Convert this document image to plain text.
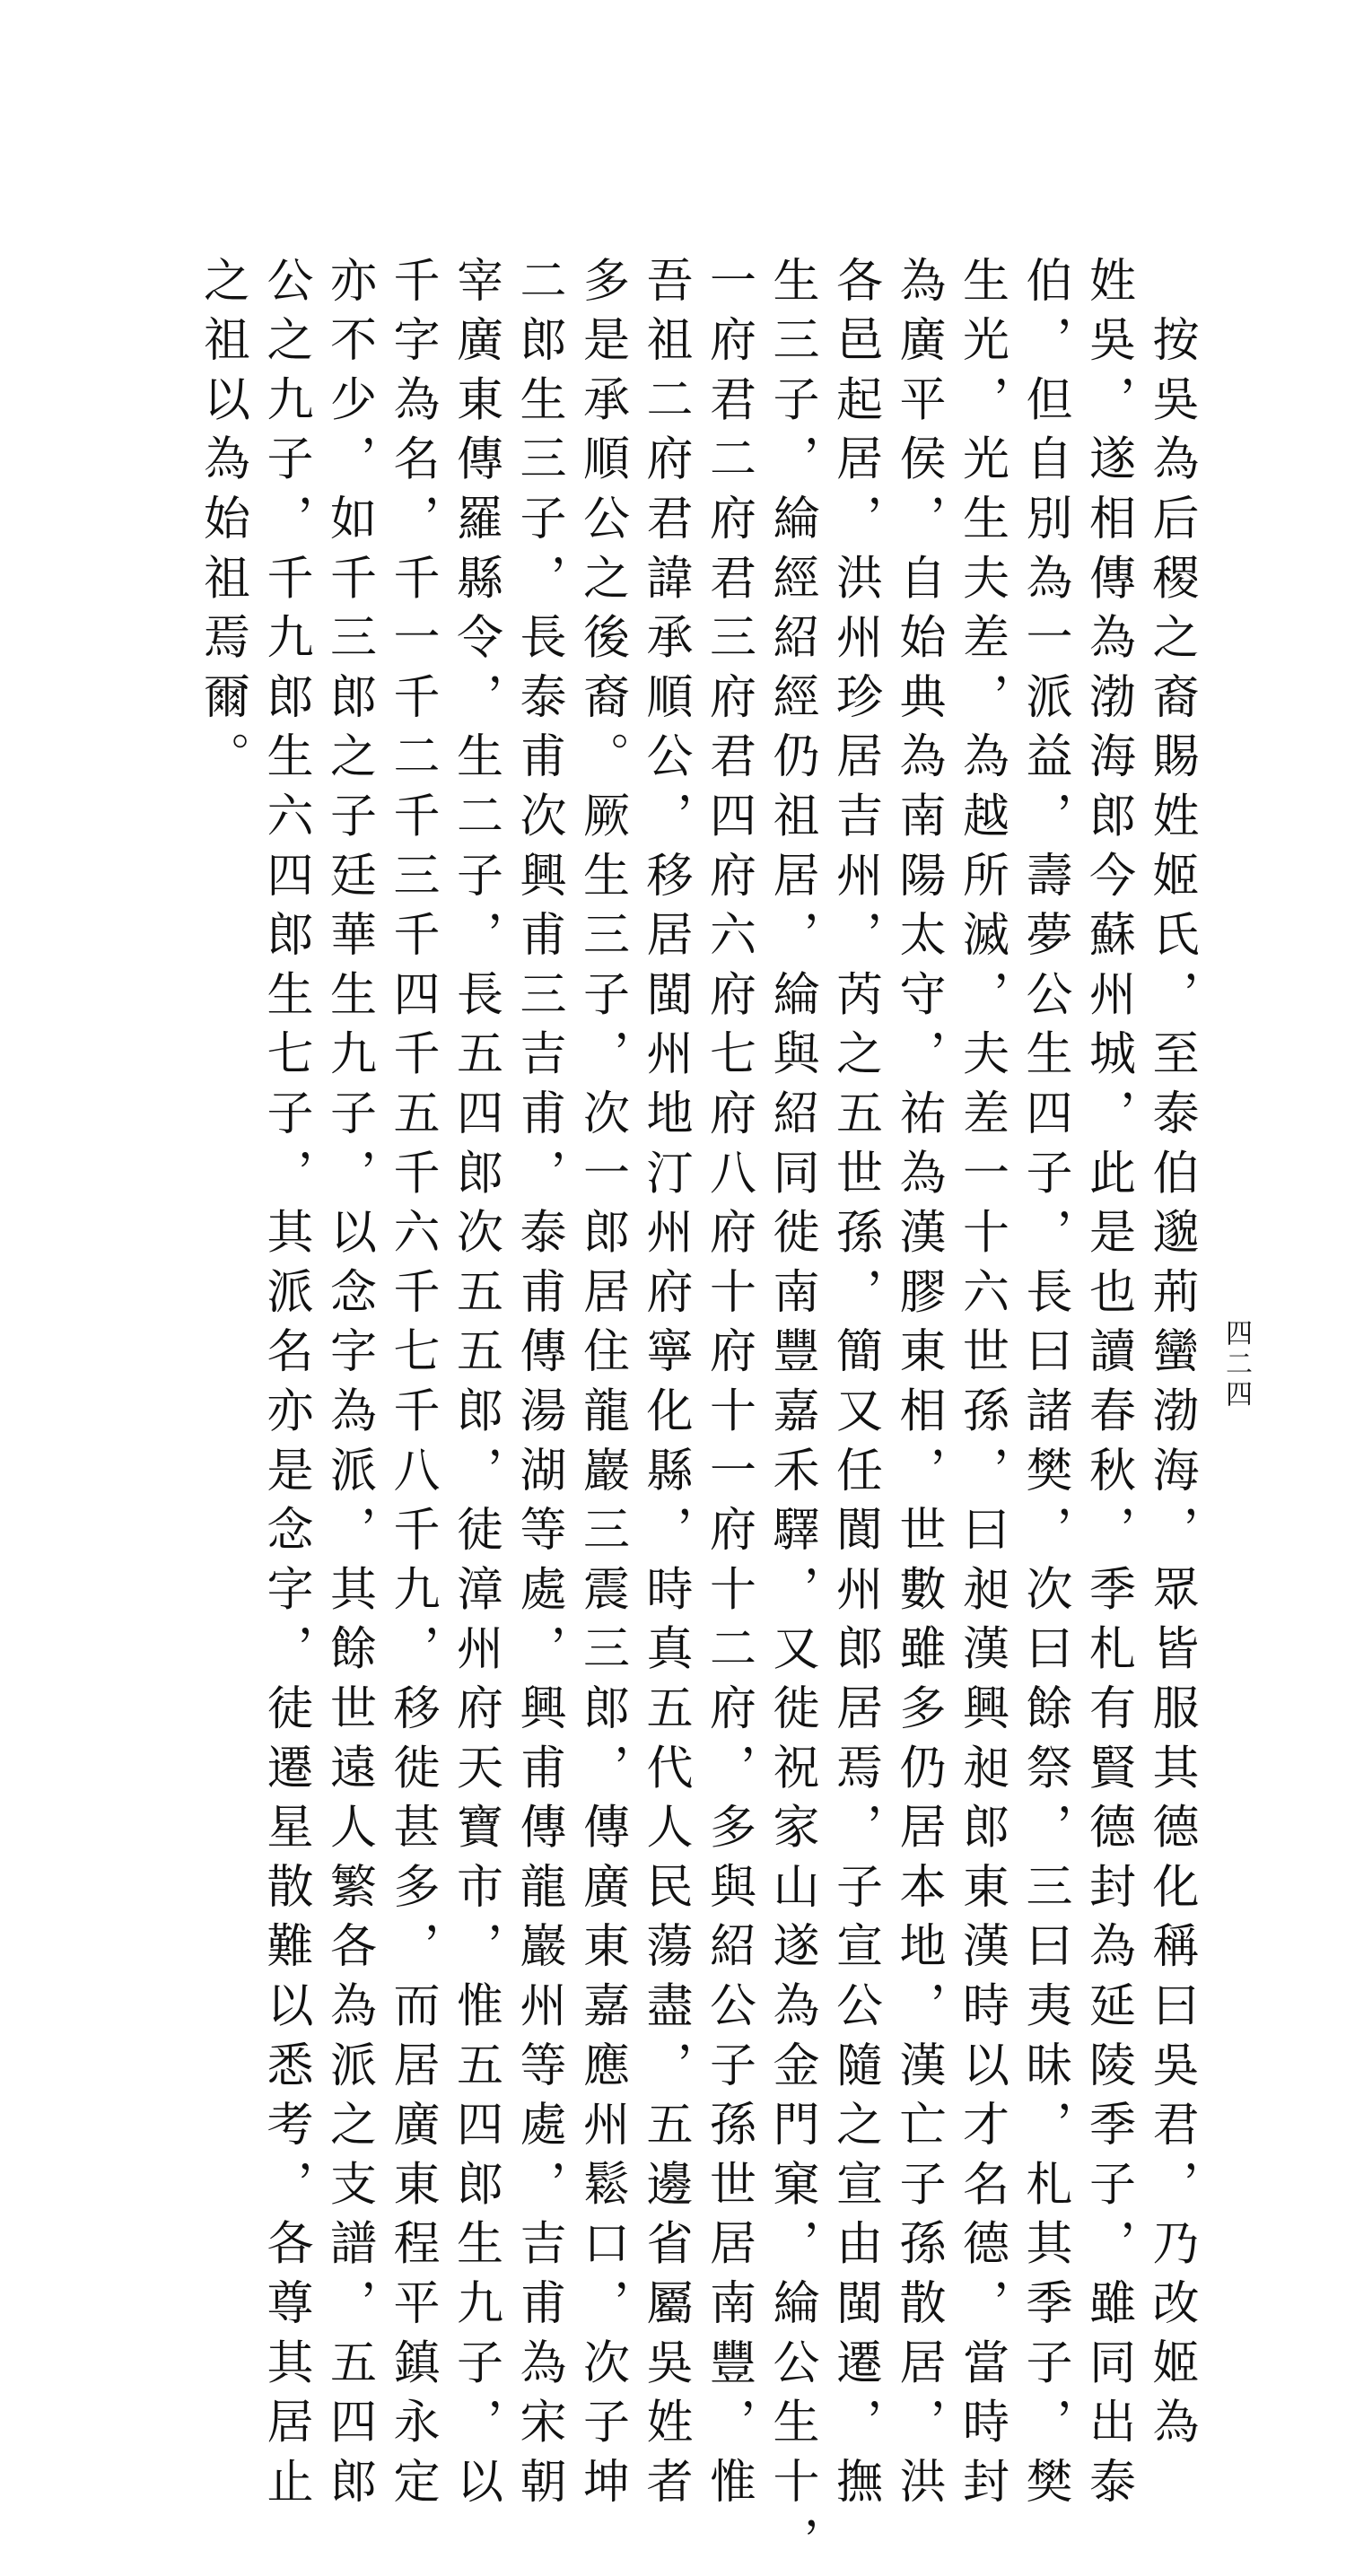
四二四
　按吳為后稷之裔賜姓姬氏，至泰伯邈荊蠻渤海，眾皆服其德化稱曰吳君，乃改姬為
姓吳，遂相傳為渤海郎今蘇州城，此是也讀春秋，季札有賢德封為延陵季子，雖同出泰
伯，但自別為一派益，壽夢公生四子，長曰諸樊，次曰餘祭，三曰夷昧，札其季子，樊
生光，光生夫差，為越所滅，夫差一十六世孫，曰昶漢興昶郎東漢時以才名德，當時封
為廣平侯，自始典為南陽太守，祐為漢膠東相，世數雖多仍居本地，漢亡子孫散居，洪
各邑起居，洪州珍居吉州，芮之五世孫，簡又任閬州郎居焉，子宣公隨之宣由閩遷，撫
生三子，綸經紹經仍祖居，綸與紹同徙南豐嘉禾驛，又徙祝家山遂為金門窠，綸公生十，
一府君二府君三府君四府六府七府八府十府十一府十二府，多與紹公子孫世居南豐，惟
吾祖二府君諱承順公，移居閩州地汀州府寧化縣，時真五代人民蕩盡，五邊省屬吳姓者
多是承順公之後裔。厥生三子，次一郎居住龍巖三震三郎，傳廣東嘉應州鬆口，次子坤
二郎生三子，長泰甫次興甫三吉甫，泰甫傳湯湖等處，興甫傳龍巖州等處，吉甫為宋朝
宰廣東傳羅縣令，生二子，長五四郎次五五郎，徒漳州府天寶市，惟五四郎生九子，以
千字為名，千一千二千三千四千五千六千七千八千九，移徙甚多，而居廣東程平鎮永定
亦不少，如千三郎之子廷華生九子，以念字為派，其餘世遠人繁各為派之支譜，五四郎
公之九子，千九郎生六四郎生七子，其派名亦是念字，徒遷星散難以悉考，各尊其居止
之祖以為始祖焉爾。
